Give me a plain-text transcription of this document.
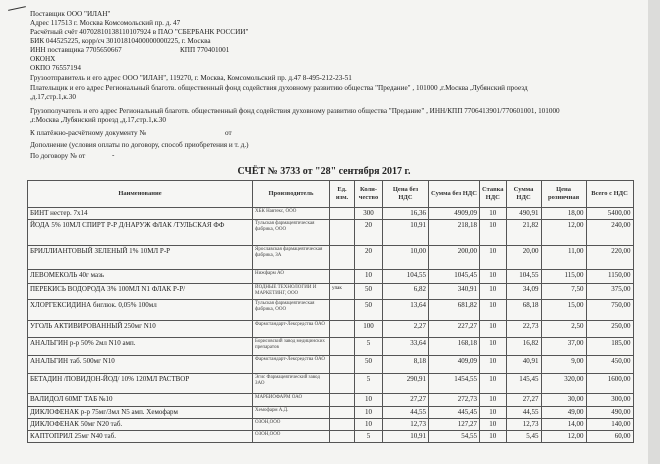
Поставщик ООО "ИЛАН"
Адрес 117513 г. Москва Комсомольский пр. д. 47
Расчётный счёт 40702810138110107924 в ПАО "СБЕРБАНК РОССИИ"
БИК 044525225, корр/сч 30101810400000000225, г. Москва
ИНН поставщика 7705650667	КПП 770401001
ОКОНХ
ОКПО 76557194
Грузоотправитель и его адрес ООО "ИЛАН", 119270, г. Москва, Комсомольский пр. д.47 8-495-212-23-51
Плательщик и его адрес Региональный благотв. общественный фонд содействия духовному развитию общества "Предание" , 101000 ,г.Москва ,Лубянский проезд
,д.17,стр.1,к.30
Грузополучатель и его адрес Региональный благотв. общественный фонд содействия духовному развитию общества "Предание" , ИНН/КПП 7706413901/770601001, 101000
,г.Москва ,Лубянский проезд ,д.17,стр.1,к.30
К платёжно-расчётному документу №	от
Дополнение (условия оплаты по договору, способ приобретения и т. д.)
По договору № от	-
СЧЁТ № 3733 от "28" сентября 2017 г.
Наименование	Производитель	Ед. изм.	Коли-чество	Цена без НДС	Сумма без НДС	Ставка НДС	Сумма НДС	Цена розничная	Всего с НДС
БИНТ нестер. 7х14	ХБК Навтекс, ООО		300	16,36	4909,09	10	490,91	18,00	5400,00
ЙОДА 5% 10МЛ СПИРТ Р-Р Д/НАРУЖ ФЛАК /ТУЛЬСКАЯ ФФ	Тульская фармацевтическая фабрика, ООО		20	10,91	218,18	10	21,82	12,00	240,00
БРИЛЛИАНТОВЫЙ ЗЕЛЕНЫЙ 1% 10МЛ Р-Р	Ярославская фармацевтическая фабрика, ЗА		20	10,00	200,00	10	20,00	11,00	220,00
ЛЕВОМЕКОЛЬ 40г мазь	Нижфарм АО		10	104,55	1045,45	10	104,55	115,00	1150,00
ПЕРЕКИСЬ ВОДОРОДА 3% 100МЛ N1 ФЛАК Р-Р/	ЙОДНЫЕ ТЕХНОЛОГИИ И МАРКЕТИНГ, ООО	упак	50	6,82	340,91	10	34,09	7,50	375,00
ХЛОРГЕКСИДИНА биглюк. 0,05% 100мл	Тульская фармацевтическая фабрика, ООО		50	13,64	681,82	10	68,18	15,00	750,00
УГОЛЬ АКТИВИРОВАННЫЙ 250мг N10	Фармстандарт-Лексредства ОАО		100	2,27	227,27	10	22,73	2,50	250,00
АНАЛЬГИН р-р 50% 2мл N10 амп.	Борисовский завод медицинских препаратов		5	33,64	168,18	10	16,82	37,00	185,00
АНАЛЬГИН таб. 500мг N10	Фармстандарт-Лексредства ОАО		50	8,18	409,09	10	40,91	9,00	450,00
БЕТАДИН /ПОВИДОН-ЙОД/ 10% 120МЛ РАСТВОР	Эгис Фармацевтический завод ЗАО		5	290,91	1454,55	10	145,45	320,00	1600,00
ВАЛИДОЛ 60МГ ТАБ №10	МАРБИОФАРМ ОАО		10	27,27	272,73	10	27,27	30,00	300,00
ДИКЛОФЕНАК р-р 75мг/3мл N5 амп. Хемофарм	Хемофарм А.Д.		10	44,55	445,45	10	44,55	49,00	490,00
ДИКЛОФЕНАК 50мг N20 таб.	ОЗОН,ООО		10	12,73	127,27	10	12,73	14,00	140,00
КАПТОПРИЛ 25мг N40 таб.	ОЗОН,ООО		5	10,91	54,55	10	5,45	12,00	60,00
